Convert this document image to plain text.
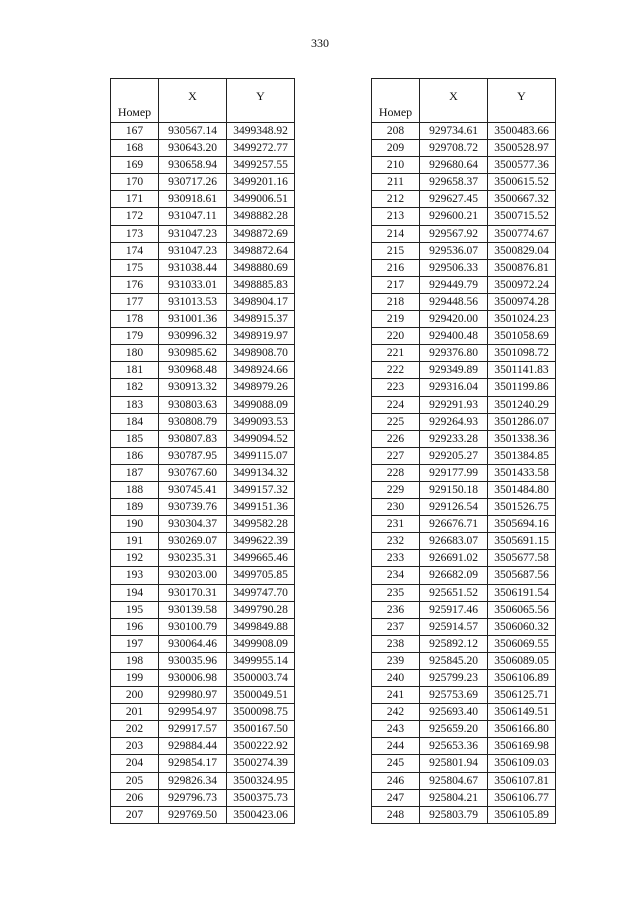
330
Номер	X	Y
167	930567.14	3499348.92
168	930643.20	3499272.77
169	930658.94	3499257.55
170	930717.26	3499201.16
171	930918.61	3499006.51
172	931047.11	3498882.28
173	931047.23	3498872.69
174	931047.23	3498872.64
175	931038.44	3498880.69
176	931033.01	3498885.83
177	931013.53	3498904.17
178	931001.36	3498915.37
179	930996.32	3498919.97
180	930985.62	3498908.70
181	930968.48	3498924.66
182	930913.32	3498979.26
183	930803.63	3499088.09
184	930808.79	3499093.53
185	930807.83	3499094.52
186	930787.95	3499115.07
187	930767.60	3499134.32
188	930745.41	3499157.32
189	930739.76	3499151.36
190	930304.37	3499582.28
191	930269.07	3499622.39
192	930235.31	3499665.46
193	930203.00	3499705.85
194	930170.31	3499747.70
195	930139.58	3499790.28
196	930100.79	3499849.88
197	930064.46	3499908.09
198	930035.96	3499955.14
199	930006.98	3500003.74
200	929980.97	3500049.51
201	929954.97	3500098.75
202	929917.57	3500167.50
203	929884.44	3500222.92
204	929854.17	3500274.39
205	929826.34	3500324.95
206	929796.73	3500375.73
207	929769.50	3500423.06
Номер	X	Y
208	929734.61	3500483.66
209	929708.72	3500528.97
210	929680.64	3500577.36
211	929658.37	3500615.52
212	929627.45	3500667.32
213	929600.21	3500715.52
214	929567.92	3500774.67
215	929536.07	3500829.04
216	929506.33	3500876.81
217	929449.79	3500972.24
218	929448.56	3500974.28
219	929420.00	3501024.23
220	929400.48	3501058.69
221	929376.80	3501098.72
222	929349.89	3501141.83
223	929316.04	3501199.86
224	929291.93	3501240.29
225	929264.93	3501286.07
226	929233.28	3501338.36
227	929205.27	3501384.85
228	929177.99	3501433.58
229	929150.18	3501484.80
230	929126.54	3501526.75
231	926676.71	3505694.16
232	926683.07	3505691.15
233	926691.02	3505677.58
234	926682.09	3505687.56
235	925651.52	3506191.54
236	925917.46	3506065.56
237	925914.57	3506060.32
238	925892.12	3506069.55
239	925845.20	3506089.05
240	925799.23	3506106.89
241	925753.69	3506125.71
242	925693.40	3506149.51
243	925659.20	3506166.80
244	925653.36	3506169.98
245	925801.94	3506109.03
246	925804.67	3506107.81
247	925804.21	3506106.77
248	925803.79	3506105.89
